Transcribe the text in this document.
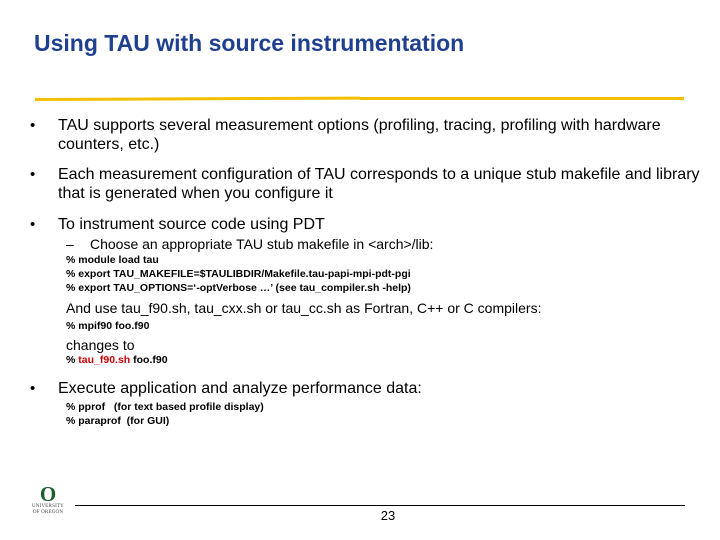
Using TAU with source instrumentation
• TAU supports several measurement options (profiling, tracing, profiling with hardware counters, etc.)
• Each measurement configuration of TAU corresponds to a unique stub makefile and library that is generated when you configure it
• To instrument source code using PDT
– Choose an appropriate TAU stub makefile in <arch>/lib:
% module load tau
% export TAU_MAKEFILE=$TAULIBDIR/Makefile.tau-papi-mpi-pdt-pgi
% export TAU_OPTIONS=‘-optVerbose …’ (see tau_compiler.sh -help)
And use tau_f90.sh, tau_cxx.sh or tau_cc.sh as Fortran, C++ or C compilers:
% mpif90 foo.f90
changes to
% tau_f90.sh foo.f90
• Execute application and analyze performance data:
% pprof   (for text based profile display)
% paraprof  (for GUI)
O
UNIVERSITY
OF OREGON	23
